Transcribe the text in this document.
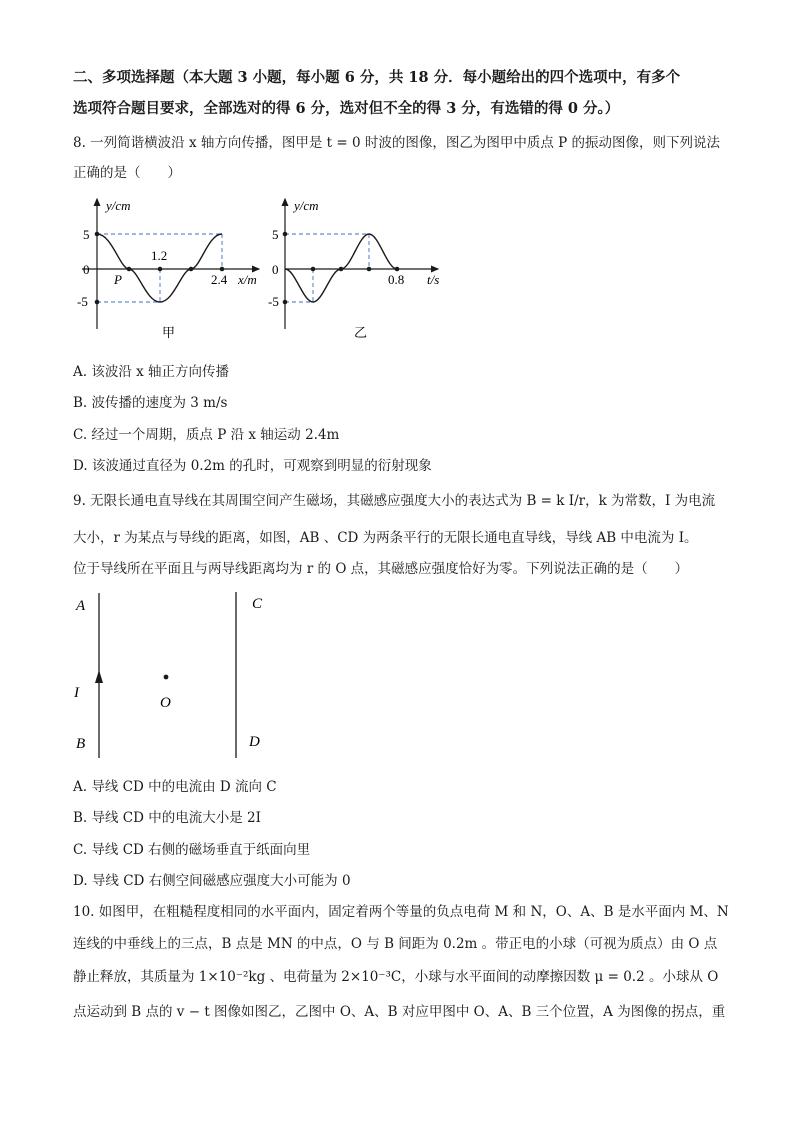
二、多项选择题（本大题 3 小题，每小题 6 分，共 18 分．每小题给出的四个选项中，有多个
选项符合题目要求，全部选对的得 6 分，选对但不全的得 3 分，有选错的得 0 分。）
8. 一列简谐横波沿 x 轴方向传播，图甲是 t = 0 时波的图像，图乙为图甲中质点 P 的振动图像，则下列说法
正确的是（　　）
y/cm
5
0
-5
1.2
2.4
P	x/m
甲
y/cm
5
0
-5
0.8 t/s
乙
A. 该波沿 x 轴正方向传播
B. 波传播的速度为 3 m/s
C. 经过一个周期，质点 P 沿 x 轴运动 2.4m
D. 该波通过直径为 0.2m 的孔时，可观察到明显的衍射现象
9. 无限长通电直导线在其周围空间产生磁场，其磁感应强度大小的表达式为 B = k I/r，k 为常数，I 为电流
大小，r 为某点与导线的距离，如图，AB 、CD 为两条平行的无限长通电直导线，导线 AB 中电流为 I。
位于导线所在平面且与两导线距离均为 r 的 O 点，其磁感应强度恰好为零。下列说法正确的是（　　）
A
B
C
D
I
O
A. 导线 CD 中的电流由 D 流向 C
B. 导线 CD 中的电流大小是 2I
C. 导线 CD 右侧的磁场垂直于纸面向里
D. 导线 CD 右侧空间磁感应强度大小可能为 0
10. 如图甲，在粗糙程度相同的水平面内，固定着两个等量的负点电荷 M 和 N，O、A、B 是水平面内 M、N
连线的中垂线上的三点，B 点是 MN 的中点，O 与 B 间距为 0.2m 。带正电的小球（可视为质点）由 O 点
静止释放，其质量为 1×10⁻²kg 、电荷量为 2×10⁻³C，小球与水平面间的动摩擦因数 μ = 0.2 。小球从 O
点运动到 B 点的 v − t 图像如图乙，乙图中 O、A、B 对应甲图中 O、A、B 三个位置，A 为图像的拐点，重
